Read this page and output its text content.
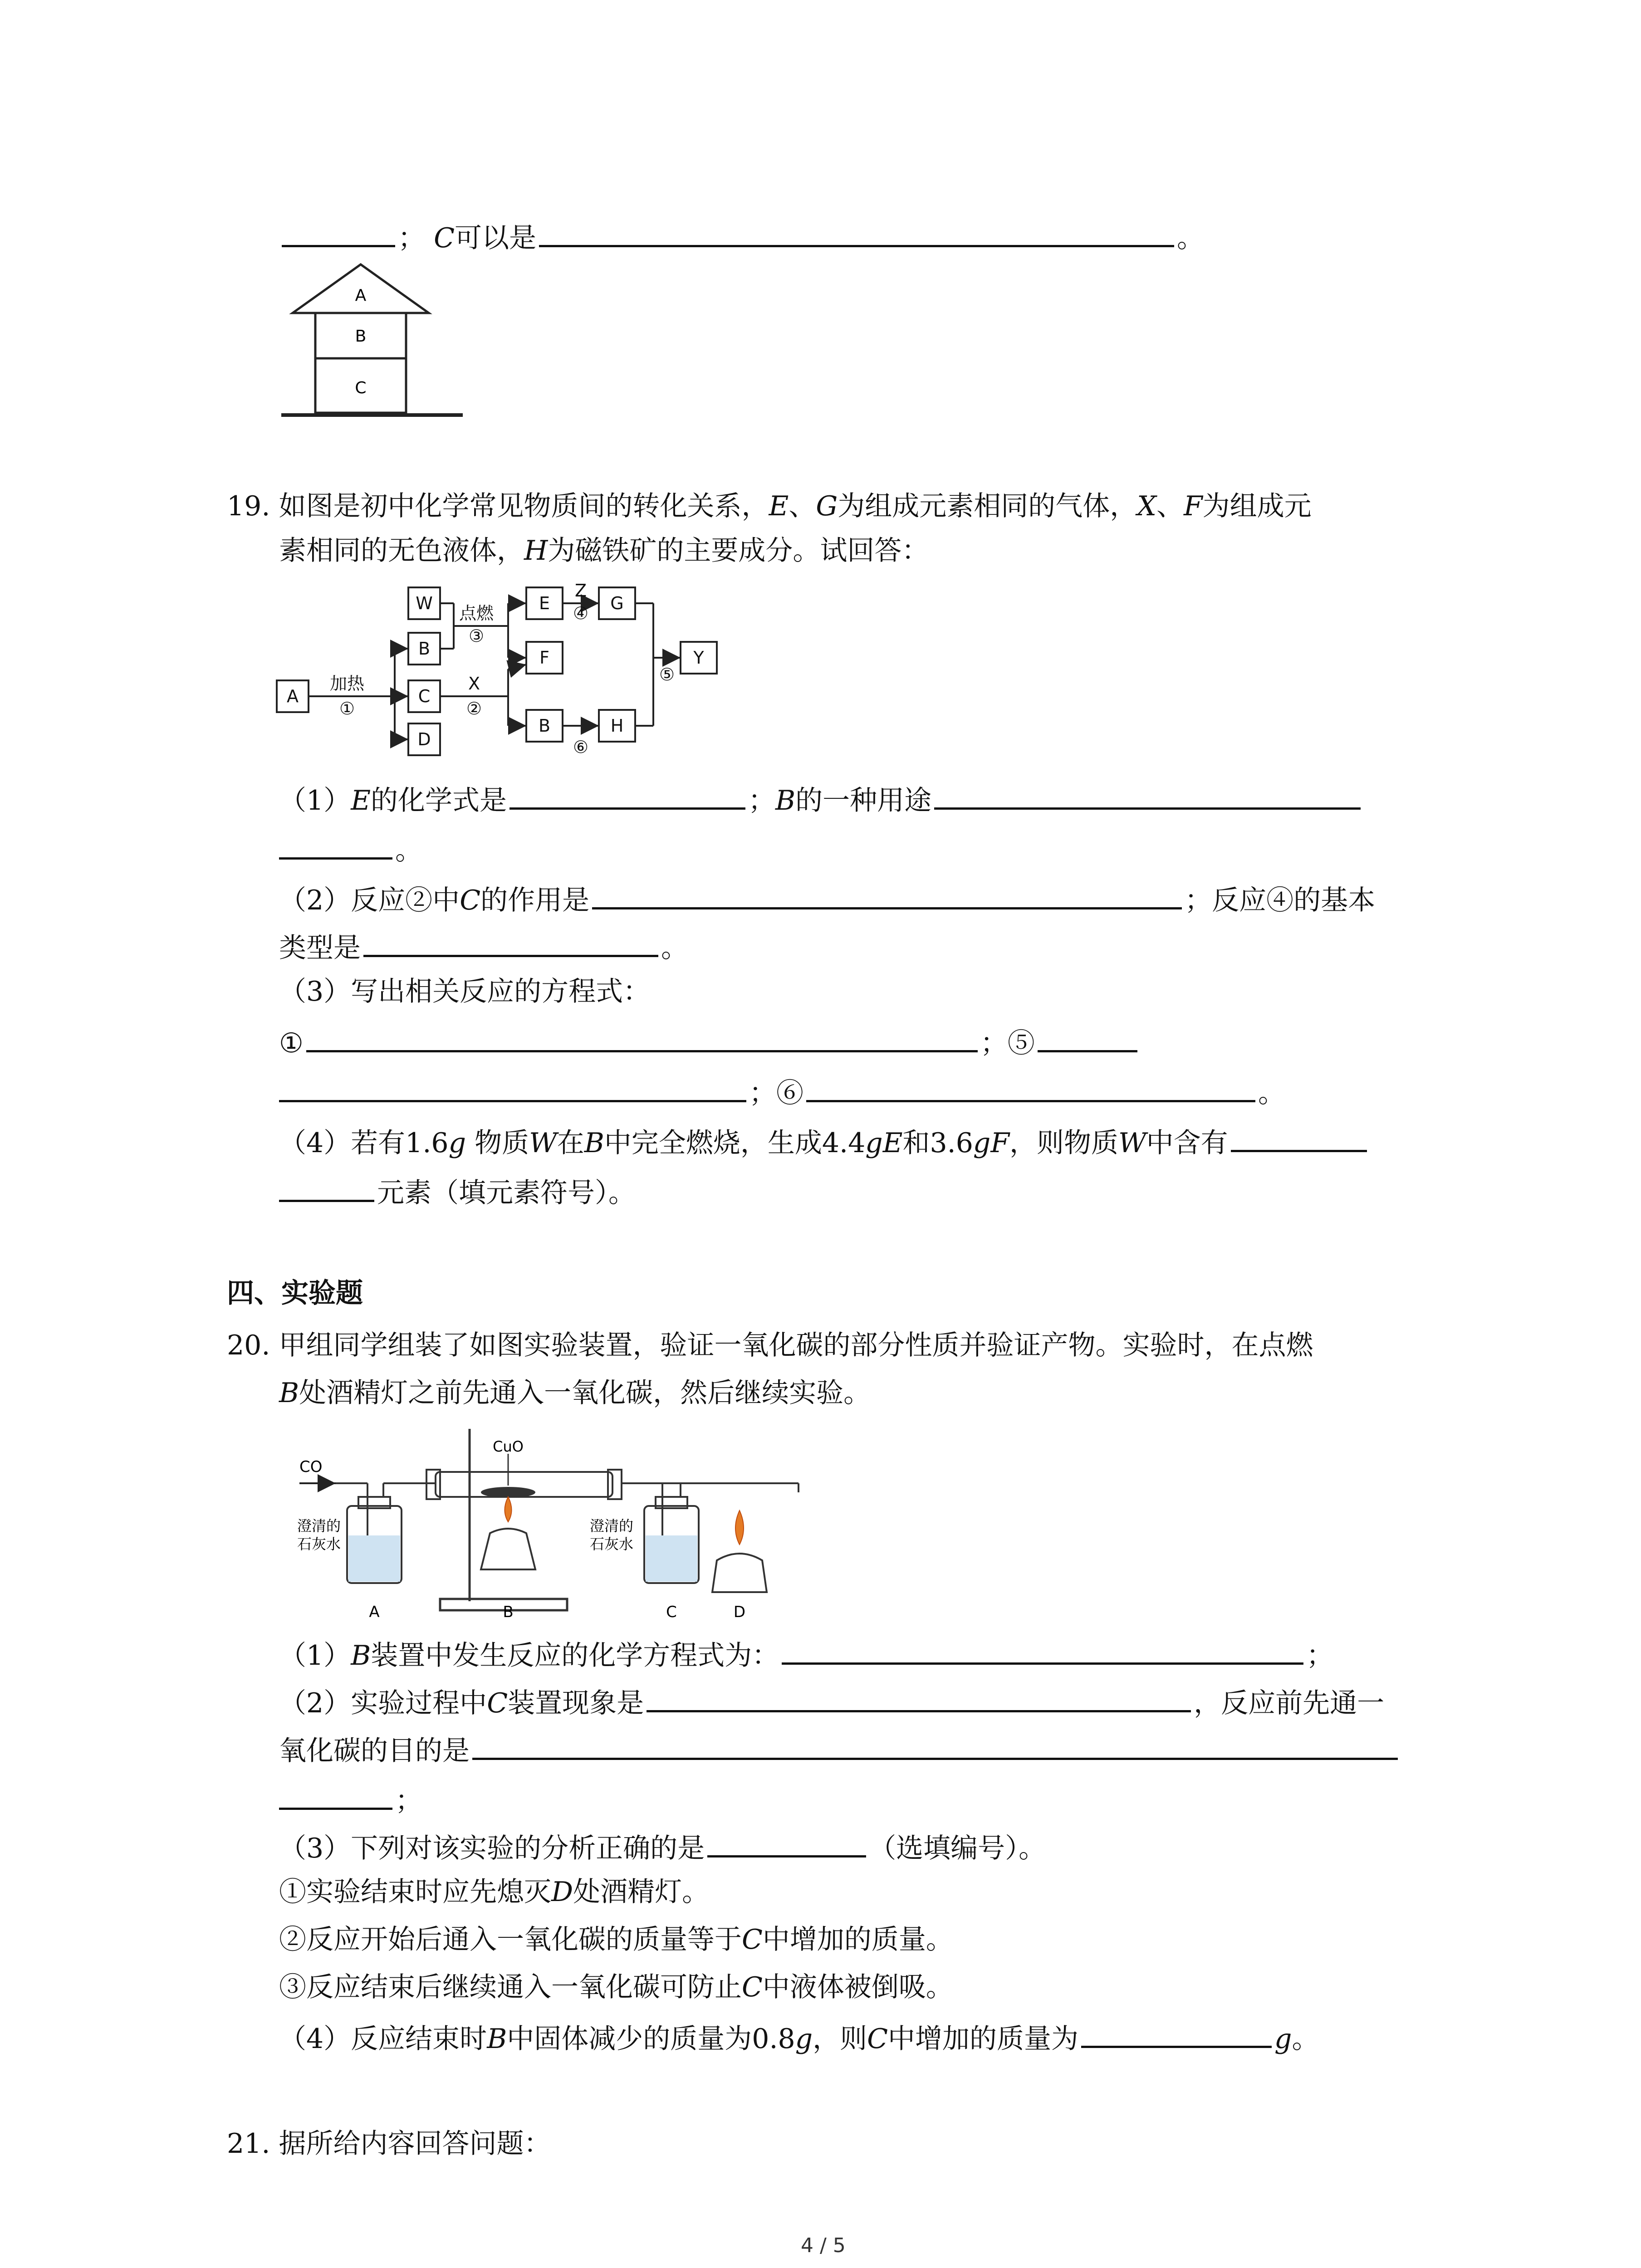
； C可以是	。
A
B
C
19. 如图是初中化学常见物质间的转化关系，E、G为组成元素相同的气体，X、F为组成元
素相同的无色液体，H为磁铁矿的主要成分。试回答：
A
W
B
C
D
E
F
B
G
H
Y
加热
①
点燃
③
X
②
Z
④
⑤
⑥
（1）E的化学式是	；B的一种用途
。
（2）反应②中C的作用是	；反应④的基本
类型是	。
（3）写出相关反应的方程式：
①	；⑤
；⑥	。
（4）若有1.6g 物质W在B中完全燃烧，生成4.4gE和3.6gF，则物质W中含有
元素（填元素符号）。
四、实验题
20. 甲组同学组装了如图实验装置，验证一氧化碳的部分性质并验证产物。实验时，在点燃
B处酒精灯之前先通入一氧化碳，然后继续实验。
CO
CuO
澄清的
石灰水
澄清的
石灰水
A	B	C	D
（1）B装置中发生反应的化学方程式为：	；
（2）实验过程中C装置现象是	，反应前先通一
氧化碳的目的是
；
（3）下列对该实验的分析正确的是	（选填编号）。
①实验结束时应先熄灭D处酒精灯。
②反应开始后通入一氧化碳的质量等于C中增加的质量。
③反应结束后继续通入一氧化碳可防止C中液体被倒吸。
（4）反应结束时B中固体减少的质量为0.8g，则C中增加的质量为	g。
21. 据所给内容回答问题：
4 / 5
